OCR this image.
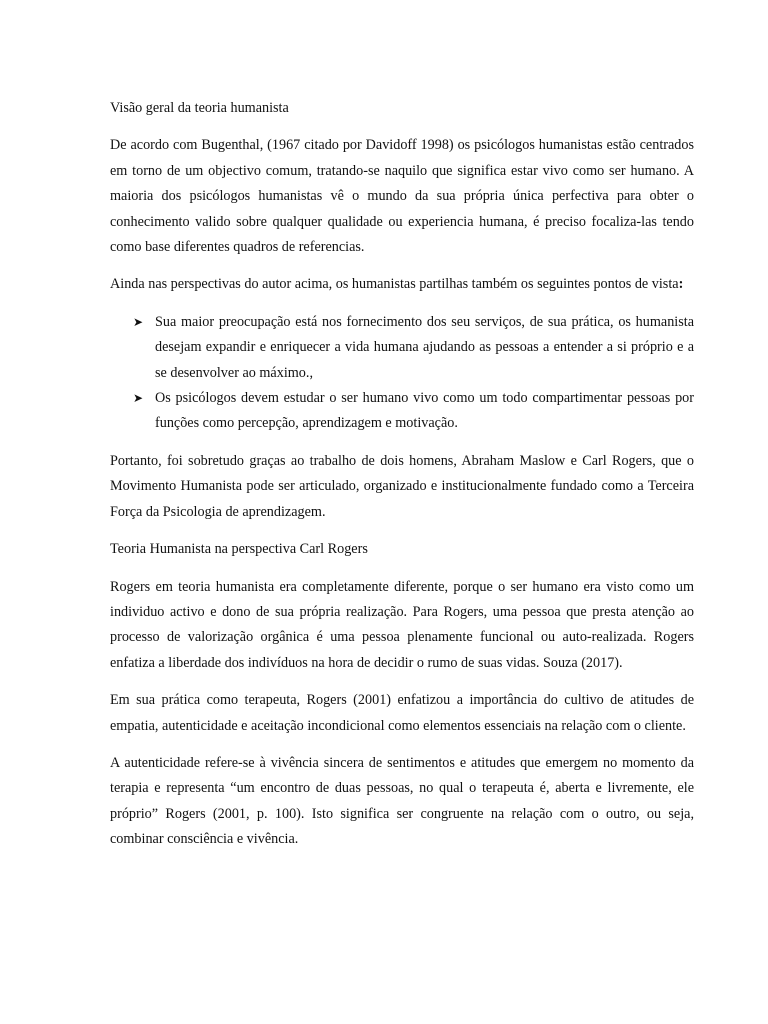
Visão geral da teoria humanista

De acordo com Bugenthal, (1967 citado por Davidoff 1998) os psicólogos humanistas estão centrados em torno de um objectivo comum, tratando-se naquilo que significa estar vivo como ser humano. A maioria dos psicólogos humanistas vê o mundo da sua própria única perfectiva para obter o conhecimento valido sobre qualquer qualidade ou experiencia humana, é preciso focaliza-las tendo como base diferentes quadros de referencias.

Ainda nas perspectivas do autor acima, os humanistas partilhas também os seguintes pontos de vista:

➤ Sua maior preocupação está nos fornecimento dos seu serviços, de sua prática, os humanista desejam expandir e enriquecer a vida humana ajudando as pessoas a entender a si próprio e a se desenvolver ao máximo.,
➤ Os psicólogos devem estudar o ser humano vivo como um todo compartimentar pessoas por funções como percepção, aprendizagem e motivação.

Portanto, foi sobretudo graças ao trabalho de dois homens, Abraham Maslow e Carl Rogers, que o Movimento Humanista pode ser articulado, organizado e institucionalmente fundado como a Terceira Força da Psicologia de aprendizagem.

Teoria Humanista na perspectiva Carl Rogers

Rogers em teoria humanista era completamente diferente, porque o ser humano era visto como um individuo activo e dono de sua própria realização. Para Rogers, uma pessoa que presta atenção ao processo de valorização orgânica é uma pessoa plenamente funcional ou auto-realizada. Rogers enfatiza a liberdade dos indivíduos na hora de decidir o rumo de suas vidas. Souza (2017).

Em sua prática como terapeuta, Rogers (2001) enfatizou a importância do cultivo de atitudes de empatia, autenticidade e aceitação incondicional como elementos essenciais na relação com o cliente.

A autenticidade refere-se à vivência sincera de sentimentos e atitudes que emergem no momento da terapia e representa “um encontro de duas pessoas, no qual o terapeuta é, aberta e livremente, ele próprio” Rogers (2001, p. 100). Isto significa ser congruente na relação com o outro, ou seja, combinar consciência e vivência.
